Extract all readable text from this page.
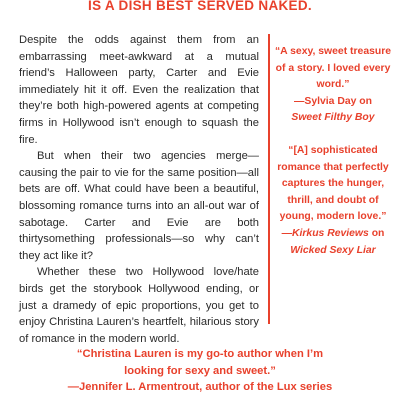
IS A DISH BEST SERVED NAKED.

Despite the odds against them from an embarrassing meet-awkward at a mutual friend’s Halloween party, Carter and Evie immediately hit it off. Even the realization that they’re both high-powered agents at competing firms in Hollywood isn’t enough to squash the fire.

But when their two agencies merge—causing the pair to vie for the same position—all bets are off. What could have been a beautiful, blossoming romance turns into an all-out war of sabotage. Carter and Evie are both thirtysomething professionals—so why can’t they act like it?

Whether these two Hollywood love/hate birds get the storybook Hollywood ending, or just a dramedy of epic proportions, you get to enjoy Christina Lauren’s heartfelt, hilarious story of romance in the modern world.

“A sexy, sweet treasure of a story. I loved every word.”

—Sylvia Day on
Sweet Filthy Boy

“[A] sophisticated romance that perfectly captures the hunger, thrill, and doubt of young, modern love.”

—Kirkus Reviews on
Wicked Sexy Liar

“Christina Lauren is my go-to author when I’m
looking for sexy and sweet.”
—Jennifer L. Armentrout, author of the Lux series
